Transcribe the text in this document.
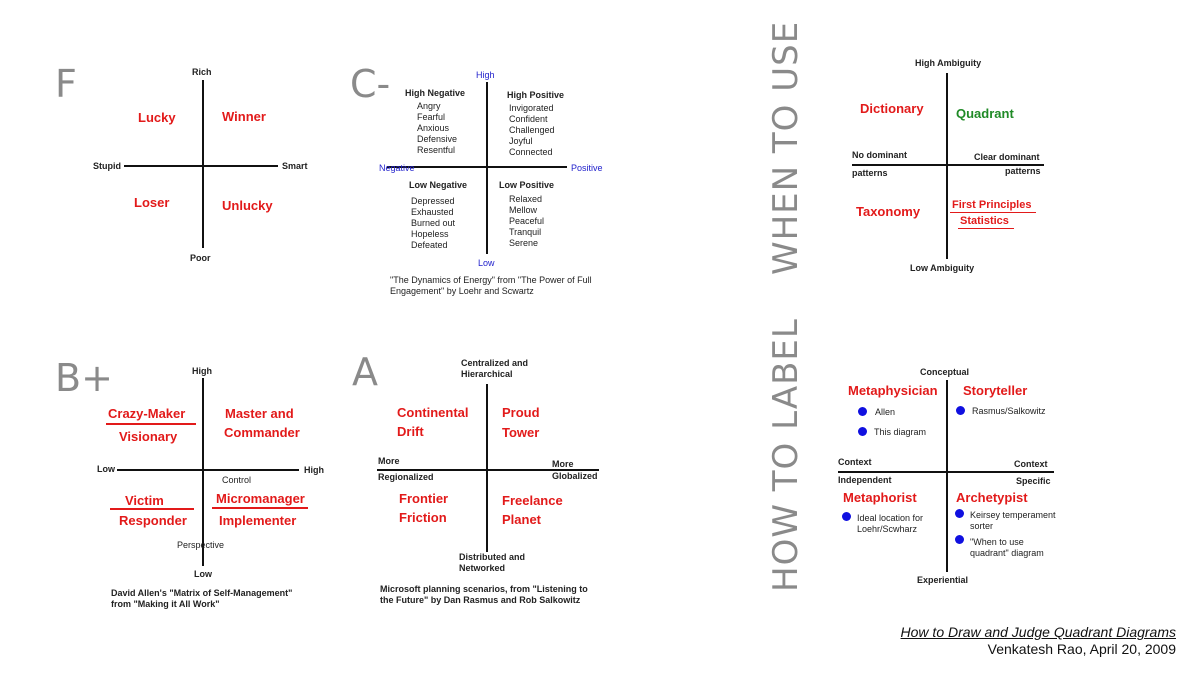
F	Rich
Poor
Stupid	Smart
Lucky	Winner
Loser	Unlucky
C-	High
Low
Negative	Positive
High Negative
Angry
Fearful
Anxious
Defensive
Resentful
High Positive
Invigorated
Confident
Challenged
Joyful
Connected
Low Negative
Depressed
Exhausted
Burned out
Hopeless
Defeated
Low Positive
Relaxed
Mellow
Peaceful
Tranquil
Serene
"The Dynamics of Energy" from "The Power of Full
Engagement" by Loehr and Scwartz
B+	High
Low
Low	High
Control
Perspective
Crazy-Maker
Visionary
Master and
Commander
Victim
Responder
Micromanager
Implementer
David Allen's "Matrix of Self-Management"
from "Making it All Work"
A	Centralized and
Hierarchical
Distributed and
Networked
More
Regionalized
More
Globalized
Continental
Drift
Proud
Tower
Frontier
Friction
Freelance
Planet
Microsoft planning scenarios, from "Listening to
the Future" by Dan Rasmus and Rob Salkowitz
WHEN TO USE	High Ambiguity
Low Ambiguity
No dominant
patterns
Clear dominant
patterns
Dictionary Quadrant
Taxonomy	First Principles
Statistics
HOW TO LABEL	Conceptual
Experiential
Context
Independent
Context
Specific
Metaphysician
Allen
This diagram
Storyteller
Rasmus/Salkowitz
Metaphorist
Ideal location for
Loehr/Scwharz
Archetypist
Keirsey temperament
sorter
"When to use
quadrant" diagram
How to Draw and Judge Quadrant Diagrams
Venkatesh Rao, April 20, 2009
